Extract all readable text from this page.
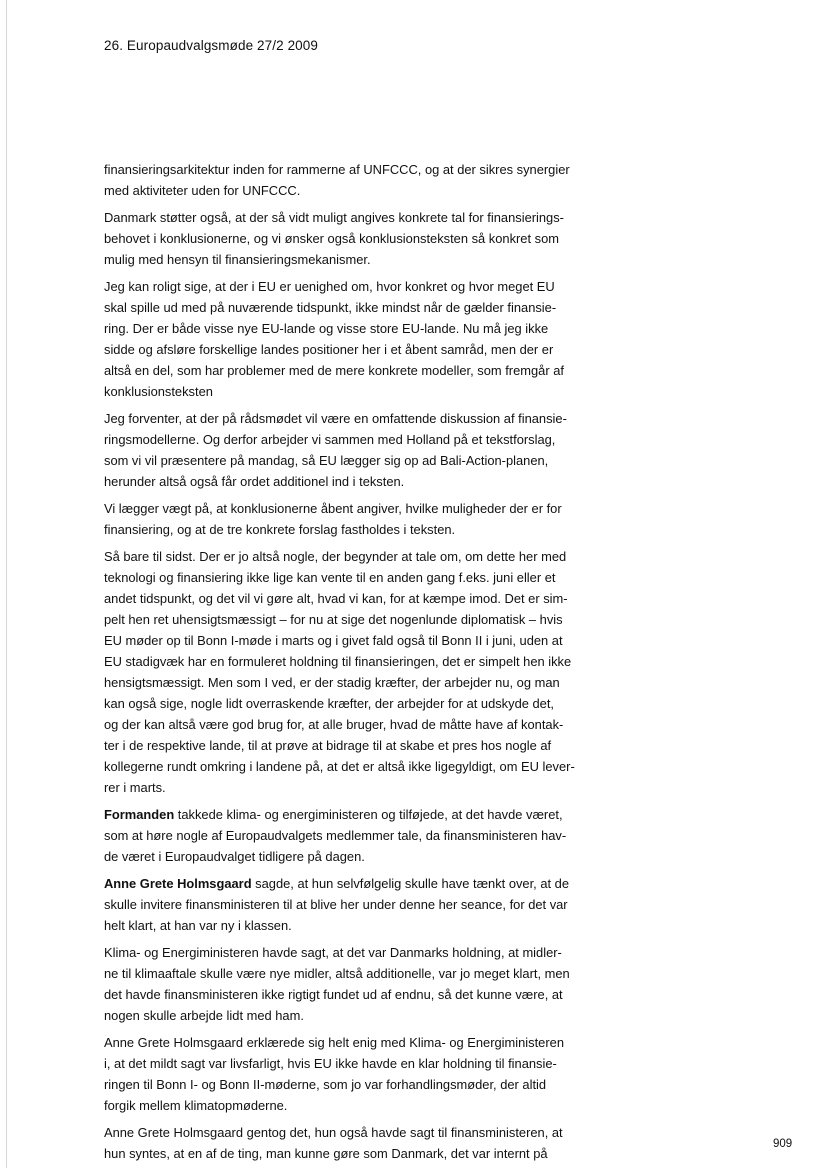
26. Europaudvalgsmøde 27/2 2009

finansieringsarkitektur inden for rammerne af UNFCCC, og at der sikres synergier
med aktiviteter uden for UNFCCC.

Danmark støtter også, at der så vidt muligt angives konkrete tal for finansierings-
behovet i konklusionerne, og vi ønsker også konklusionsteksten så konkret som
mulig med hensyn til finansieringsmekanismer.

Jeg kan roligt sige, at der i EU er uenighed om, hvor konkret og hvor meget EU
skal spille ud med på nuværende tidspunkt, ikke mindst når de gælder finansie-
ring. Der er både visse nye EU-lande og visse store EU-lande. Nu må jeg ikke
sidde og afsløre forskellige landes positioner her i et åbent samråd, men der er
altså en del, som har problemer med de mere konkrete modeller, som fremgår af
konklusionsteksten

Jeg forventer, at der på rådsmødet vil være en omfattende diskussion af finansie-
ringsmodellerne. Og derfor arbejder vi sammen med Holland på et tekstforslag,
som vi vil præsentere på mandag, så EU lægger sig op ad Bali-Action-planen,
herunder altså også får ordet additionel ind i teksten.

Vi lægger vægt på, at konklusionerne åbent angiver, hvilke muligheder der er for
finansiering, og at de tre konkrete forslag fastholdes i teksten.

Så bare til sidst. Der er jo altså nogle, der begynder at tale om, om dette her med
teknologi og finansiering ikke lige kan vente til en anden gang f.eks. juni eller et
andet tidspunkt, og det vil vi gøre alt, hvad vi kan, for at kæmpe imod. Det er sim-
pelt hen ret uhensigtsmæssigt – for nu at sige det nogenlunde diplomatisk – hvis
EU møder op til Bonn I-møde i marts og i givet fald også til Bonn II i juni, uden at
EU stadigvæk har en formuleret holdning til finansieringen, det er simpelt hen ikke
hensigtsmæssigt. Men som I ved, er der stadig kræfter, der arbejder nu, og man
kan også sige, nogle lidt overraskende kræfter, der arbejder for at udskyde det,
og der kan altså være god brug for, at alle bruger, hvad de måtte have af kontak-
ter i de respektive lande, til at prøve at bidrage til at skabe et pres hos nogle af
kollegerne rundt omkring i landene på, at det er altså ikke ligegyldigt, om EU lever-
rer i marts.

Formanden takkede klima- og energiministeren og tilføjede, at det havde været,
som at høre nogle af Europaudvalgets medlemmer tale, da finansministeren hav-
de været i Europaudvalget tidligere på dagen.

Anne Grete Holmsgaard sagde, at hun selvfølgelig skulle have tænkt over, at de
skulle invitere finansministeren til at blive her under denne her seance, for det var
helt klart, at han var ny i klassen.

Klima- og Energiministeren havde sagt, at det var Danmarks holdning, at midler-
ne til klimaaftale skulle være nye midler, altså additionelle, var jo meget klart, men
det havde finansministeren ikke rigtigt fundet ud af endnu, så det kunne være, at
nogen skulle arbejde lidt med ham.

Anne Grete Holmsgaard erklærede sig helt enig med Klima- og Energiministeren
i, at det mildt sagt var livsfarligt, hvis EU ikke havde en klar holdning til finansie-
ringen til Bonn I- og Bonn II-møderne, som jo var forhandlingsmøder, der altid
forgik mellem klimatopmøderne.

Anne Grete Holmsgaard gentog det, hun også havde sagt til finansministeren, at
hun syntes, at en af de ting, man kunne gøre som Danmark, det var internt på

909
